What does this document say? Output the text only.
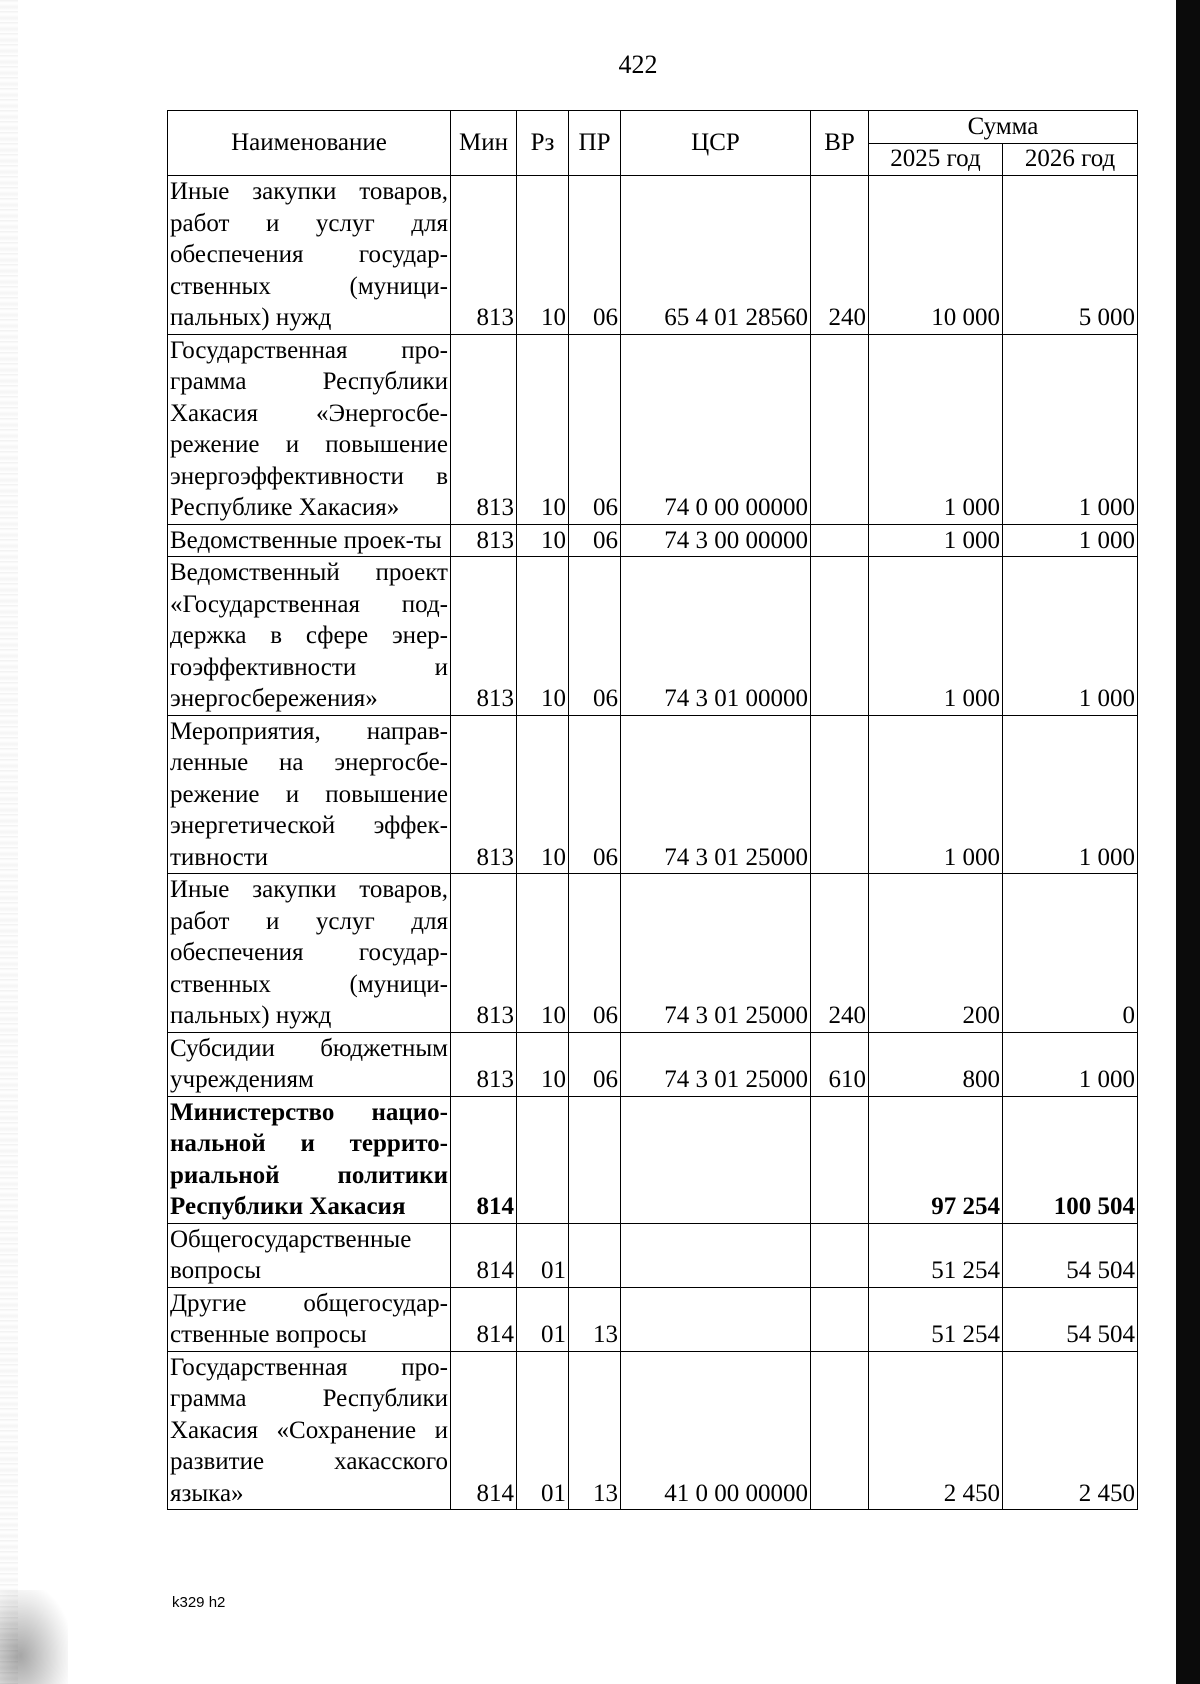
422
Наименование	Мин	Рз	ПР	ЦСР	ВР	Сумма	
						2025 год	2026 год
Иные закупки товаров, работ и услуг для обеспечения государ-ственных (муници-пальных) нужд	813	10	06	65 4 01 28560	240	10 000	5 000
Государственная про-грамма Республики Хакасия «Энергосбе-режение и повышение энергоэффективности в Республике Хакасия»	813	10	06	74 0 00 00000		1 000	1 000
Ведомственные проек-ты	813	10	06	74 3 00 00000		1 000	1 000
Ведомственный проект «Государственная под-держка в сфере энер-гоэффективности и энергосбережения»	813	10	06	74 3 01 00000		1 000	1 000
Мероприятия, направ-ленные на энергосбе-режение и повышение энергетической эффек-тивности	813	10	06	74 3 01 25000		1 000	1 000
Иные закупки товаров, работ и услуг для обеспечения государ-ственных (муници-пальных) нужд	813	10	06	74 3 01 25000	240	200	0
Субсидии бюджетным учреждениям	813	10	06	74 3 01 25000	610	800	1 000
Министерство нацио-нальной и террито-риальной политики Республики Хакасия	814					97 254	100 504
Общегосударственные вопросы	814	01				51 254	54 504
Другие общегосудар-ственные вопросы	814	01	13			51 254	54 504
Государственная про-грамма Республики Хакасия «Сохранение и развитие хакасского языка»	814	01	13	41 0 00 00000		2 450	2 450
k329 h2
